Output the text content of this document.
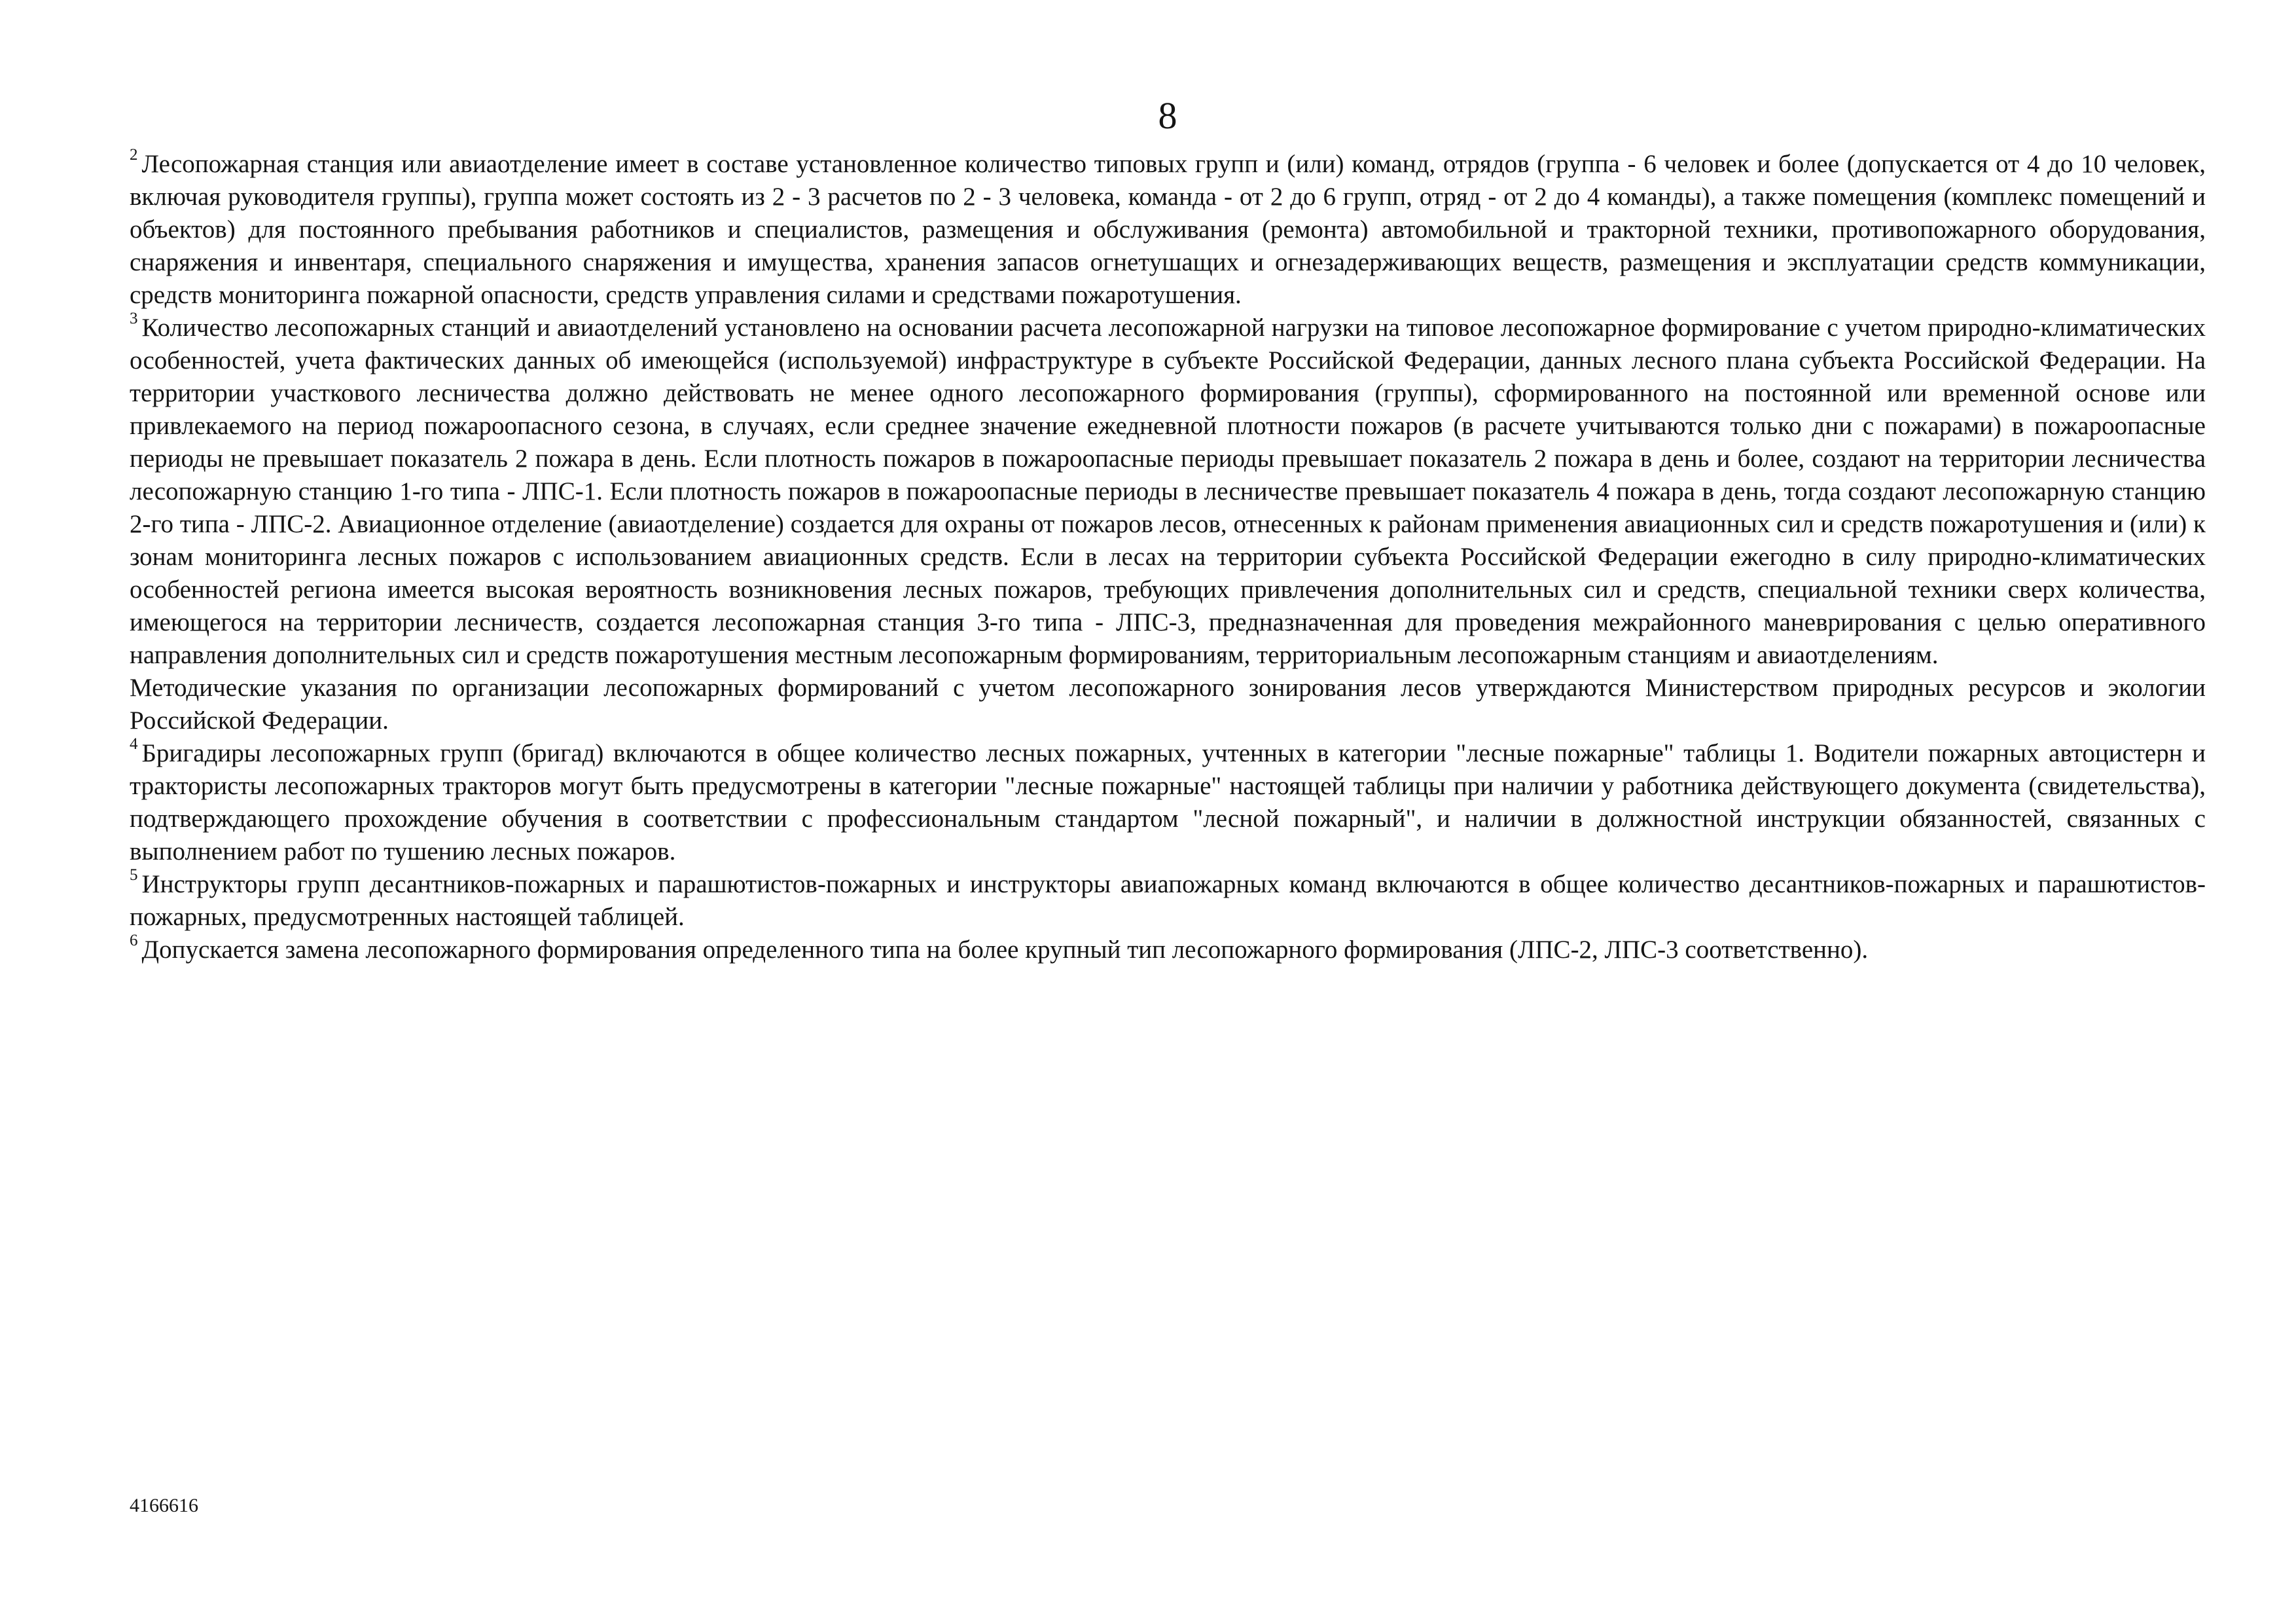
8

$^2$ Лесопожарная станция или авиаотделение имеет в составе установленное количество типовых групп и (или) команд, отрядов (группа - 6 человек и более (допускается от 4 до 10 человек, включая руководителя группы), группа может состоять из 2 - 3 расчетов по 2 - 3 человека, команда - от 2 до 6 групп, отряд - от 2 до 4 команды), а также помещения (комплекс помещений и объектов) для постоянного пребывания работников и специалистов, размещения и обслуживания (ремонта) автомобильной и тракторной техники, противопожарного оборудования, снаряжения и инвентаря, специального снаряжения и имущества, хранения запасов огнетушащих и огнезадерживающих веществ, размещения и эксплуатации средств коммуникации, средств мониторинга пожарной опасности, средств управления силами и средствами пожаротушения.

$^3$ Количество лесопожарных станций и авиаотделений установлено на основании расчета лесопожарной нагрузки на типовое лесопожарное формирование с учетом природно-климатических особенностей, учета фактических данных об имеющейся (используемой) инфраструктуре в субъекте Российской Федерации, данных лесного плана субъекта Российской Федерации. На территории участкового лесничества должно действовать не менее одного лесопожарного формирования (группы), сформированного на постоянной или временной основе или привлекаемого на период пожароопасного сезона, в случаях, если среднее значение ежедневной плотности пожаров (в расчете учитываются только дни с пожарами) в пожароопасные периоды не превышает показатель 2 пожара в день. Если плотность пожаров в пожароопасные периоды превышает показатель 2 пожара в день и более, создают на территории лесничества лесопожарную станцию 1-го типа - ЛПС-1. Если плотность пожаров в пожароопасные периоды в лесничестве превышает показатель 4 пожара в день, тогда создают лесопожарную станцию 2-го типа - ЛПС-2. Авиационное отделение (авиаотделение) создается для охраны от пожаров лесов, отнесенных к районам применения авиационных сил и средств пожаротушения и (или) к зонам мониторинга лесных пожаров с использованием авиационных средств. Если в лесах на территории субъекта Российской Федерации ежегодно в силу природно-климатических особенностей региона имеется высокая вероятность возникновения лесных пожаров, требующих привлечения дополнительных сил и средств, специальной техники сверх количества, имеющегося на территории лесничеств, создается лесопожарная станция 3-го типа - ЛПС-3, предназначенная для проведения межрайонного маневрирования с целью оперативного направления дополнительных сил и средств пожаротушения местным лесопожарным формированиям, территориальным лесопожарным станциям и авиаотделениям.

Методические указания по организации лесопожарных формирований с учетом лесопожарного зонирования лесов утверждаются Министерством природных ресурсов и экологии Российской Федерации.

$^4$ Бригадиры лесопожарных групп (бригад) включаются в общее количество лесных пожарных, учтенных в категории "лесные пожарные" таблицы 1. Водители пожарных автоцистерн и трактористы лесопожарных тракторов могут быть предусмотрены в категории "лесные пожарные" настоящей таблицы при наличии у работника действующего документа (свидетельства), подтверждающего прохождение обучения в соответствии с профессиональным стандартом "лесной пожарный", и наличии в должностной инструкции обязанностей, связанных с выполнением работ по тушению лесных пожаров.

$^5$ Инструкторы групп десантников-пожарных и парашютистов-пожарных и инструкторы авиапожарных команд включаются в общее количество десантников-пожарных и парашютистов-пожарных, предусмотренных настоящей таблицей.

$^6$ Допускается замена лесопожарного формирования определенного типа на более крупный тип лесопожарного формирования (ЛПС-2, ЛПС-3 соответственно).

4166616
